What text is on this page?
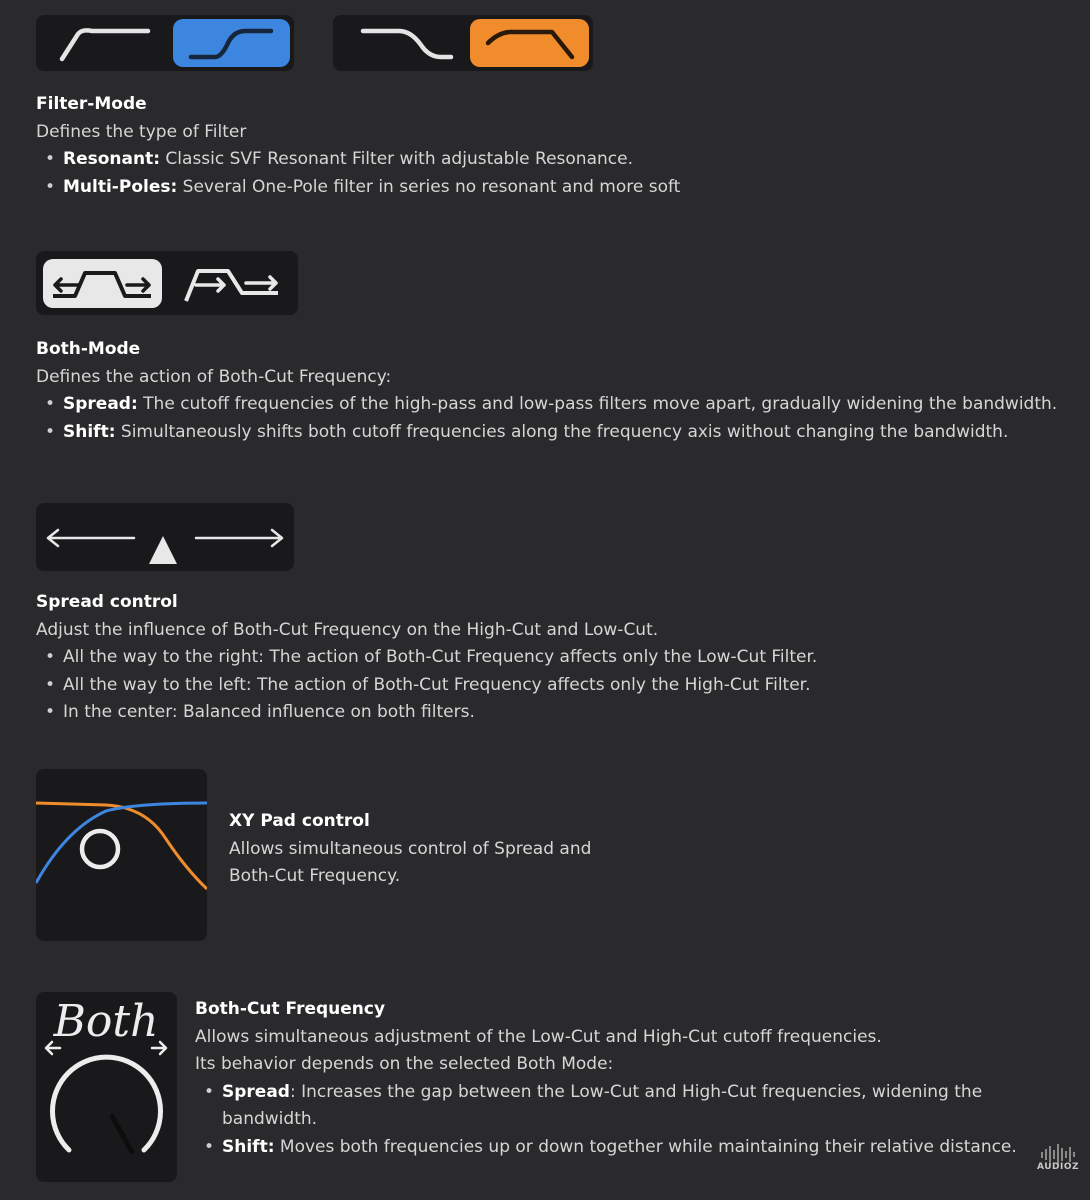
Filter-Mode
Defines the type of Filter
• Resonant: Classic SVF Resonant Filter with adjustable Resonance.
• Multi-Poles: Several One-Pole filter in series no resonant and more soft
Both-Mode
Defines the action of Both-Cut Frequency:
• Spread: The cutoff frequencies of the high-pass and low-pass filters move apart, gradually widening the bandwidth.
• Shift: Simultaneously shifts both cutoff frequencies along the frequency axis without changing the bandwidth.
Spread control
Adjust the influence of Both-Cut Frequency on the High-Cut and Low-Cut.
• All the way to the right: The action of Both-Cut Frequency affects only the Low-Cut Filter.
• All the way to the left: The action of Both-Cut Frequency affects only the High-Cut Filter.
• In the center: Balanced influence on both filters.
XY Pad control
Allows simultaneous control of Spread and
Both-Cut Frequency.
Both	Both-Cut Frequency
Allows simultaneous adjustment of the Low-Cut and High-Cut cutoff frequencies.
Its behavior depends on the selected Both Mode:
• Spread: Increases the gap between the Low-Cut and High-Cut frequencies, widening the
bandwidth.
• Shift: Moves both frequencies up or down together while maintaining their relative distance.
AUDIOZ
